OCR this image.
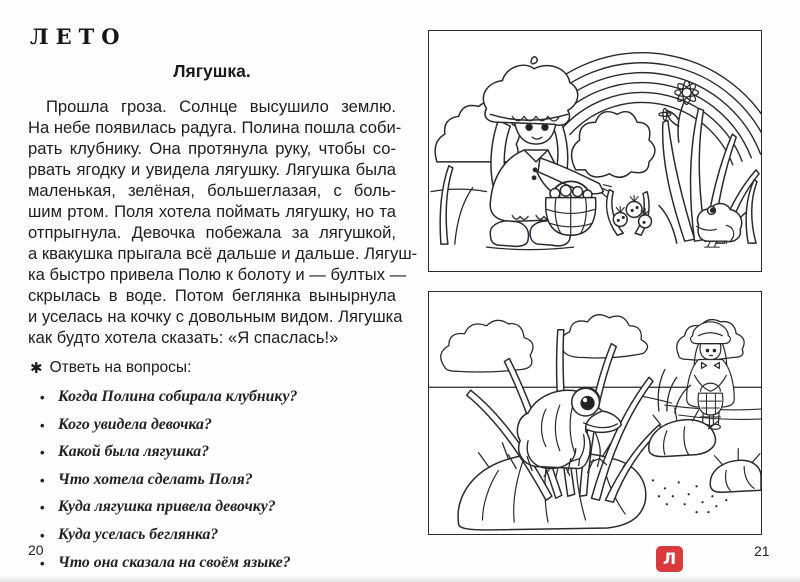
ЛЕТО
Лягушка.
Прошла гроза. Солнце высушило землю.
На небе появилась радуга. Полина пошла соби-
рать клубнику. Она протянула руку, чтобы со-
рвать ягодку и увидела лягушку. Лягушка была
маленькая, зелёная, большеглазая, с боль-
шим ртом. Поля хотела поймать лягушку, но та
отпрыгнула. Девочка побежала за лягушкой,
а квакушка прыгала всё дальше и дальше. Лягуш-
ка быстро привела Полю к болоту и — бултых —
скрылась в воде. Потом беглянка вынырнула
и уселась на кочку с довольным видом. Лягушка
как будто хотела сказать: «Я спаслась!»
✱ Ответь на вопросы:
• Когда Полина собирала клубнику?
• Кого увидела девочка?
• Какой была лягушка?
• Что хотела сделать Поля?
• Куда лягушка привела девочку?
• Куда уселась беглянка?
• Что она сказала на своём языке?
20	Л	21
